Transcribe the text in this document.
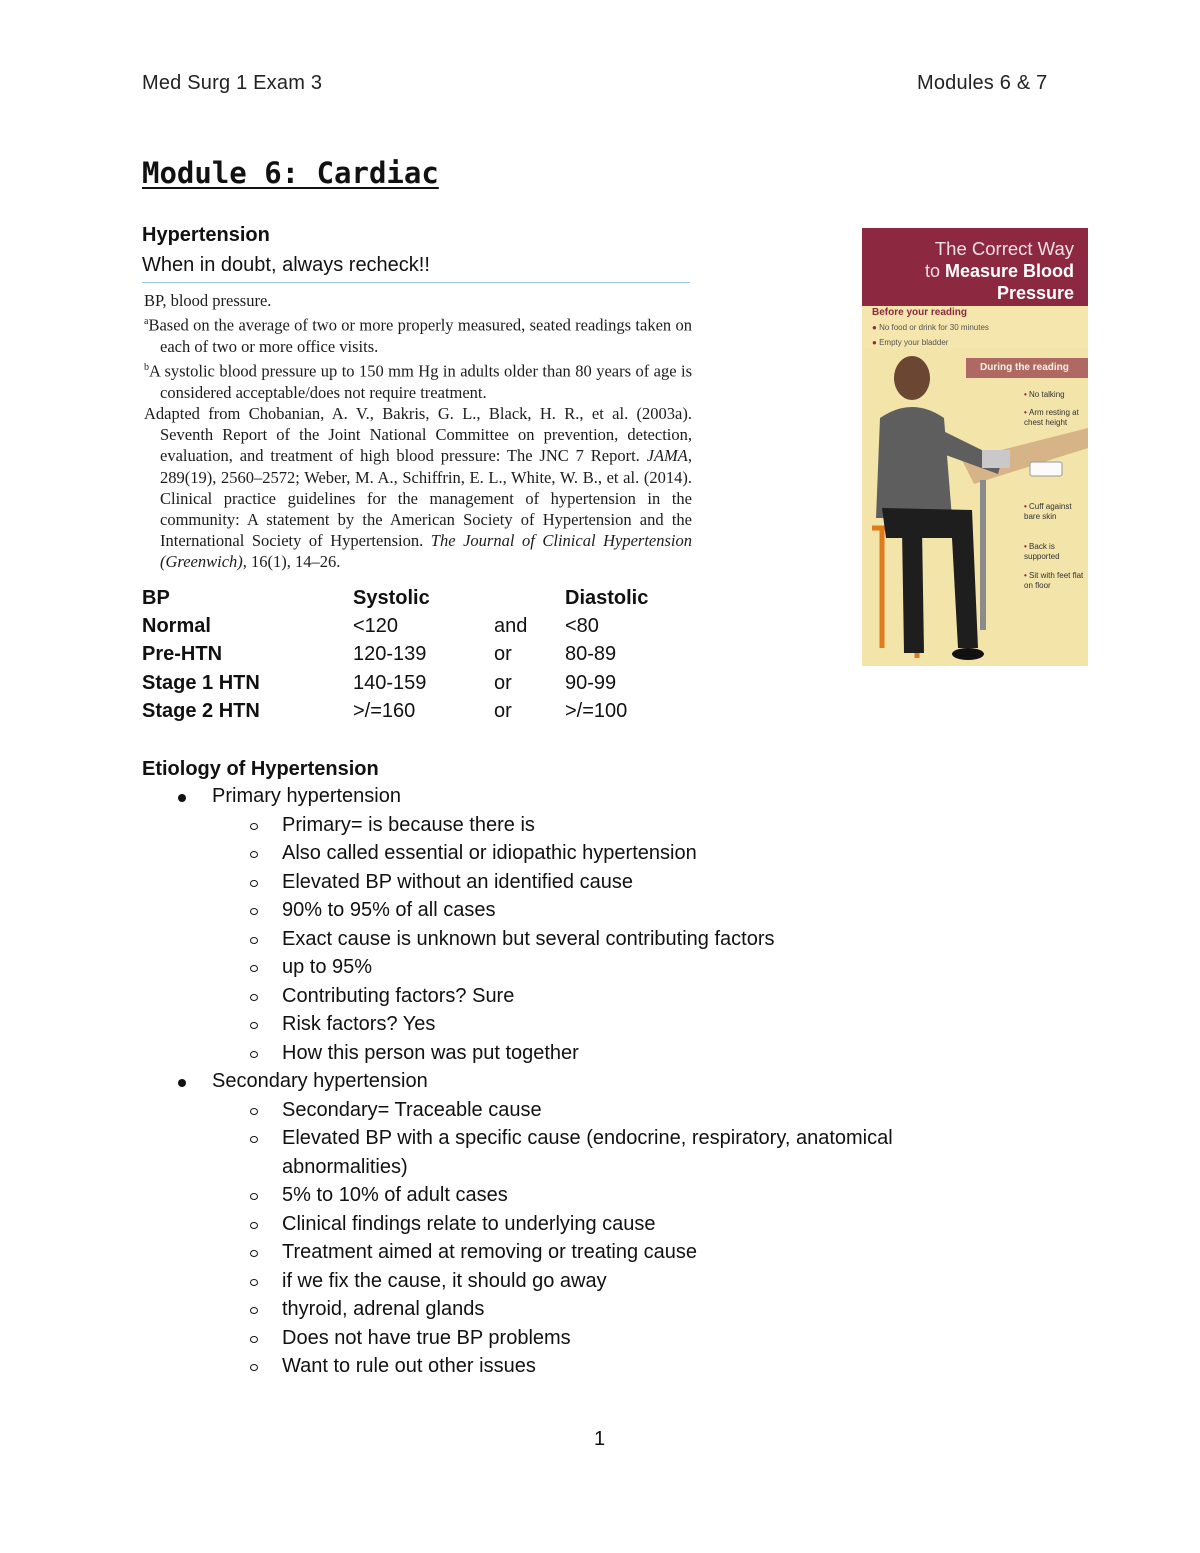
Med Surg 1 Exam 3	Modules 6 & 7
Module 6: Cardiac
Hypertension
When in doubt, always recheck!!

BP, blood pressure.

$^a$Based on the average of two or more properly measured, seated readings taken on each of two or more office visits.

$^b$A systolic blood pressure up to 150 mm Hg in adults older than 80 years of age is considered acceptable/does not require treatment.

Adapted from Chobanian, A. V., Bakris, G. L., Black, H. R., et al. (2003a). Seventh Report of the Joint National Committee on prevention, detection, evaluation, and treatment of high blood pressure: The JNC 7 Report. JAMA, 289(19), 2560–2572; Weber, M. A., Schiffrin, E. L., White, W. B., et al. (2014). Clinical practice guidelines for the management of hypertension in the community: A statement by the American Society of Hypertension and the International Society of Hypertension. The Journal of Clinical Hypertension (Greenwich), 16(1), 14–26.

BP	Systolic		Diastolic
Normal	<120	and	<80
Pre-HTN	120-139	or	80-89
Stage 1 HTN	140-159	or	90-99
Stage 2 HTN	>/=160	or	>/=100
Etiology of Hypertension
Primary hypertension
Primary= is because there is
Also called essential or idiopathic hypertension
Elevated BP without an identified cause
90% to 95% of all cases
Exact cause is unknown but several contributing factors
up to 95%
Contributing factors? Sure
Risk factors? Yes
How this person was put together
Secondary hypertension
Secondary= Traceable cause
Elevated BP with a specific cause (endocrine, respiratory, anatomical
abnormalities)
5% to 10% of adult cases
Clinical findings relate to underlying cause
Treatment aimed at removing or treating cause
if we fix the cause, it should go away
thyroid, adrenal glands
Does not have true BP problems
Want to rule out other issues
The Correct Way
to Measure Blood
Pressure
Before your reading
● No food or drink for 30 minutes
● Empty your bladder
During the reading
• No talking
• Arm resting at chest height
• Cuff against bare skin
• Back is supported
• Sit with feet flat on floor
1
